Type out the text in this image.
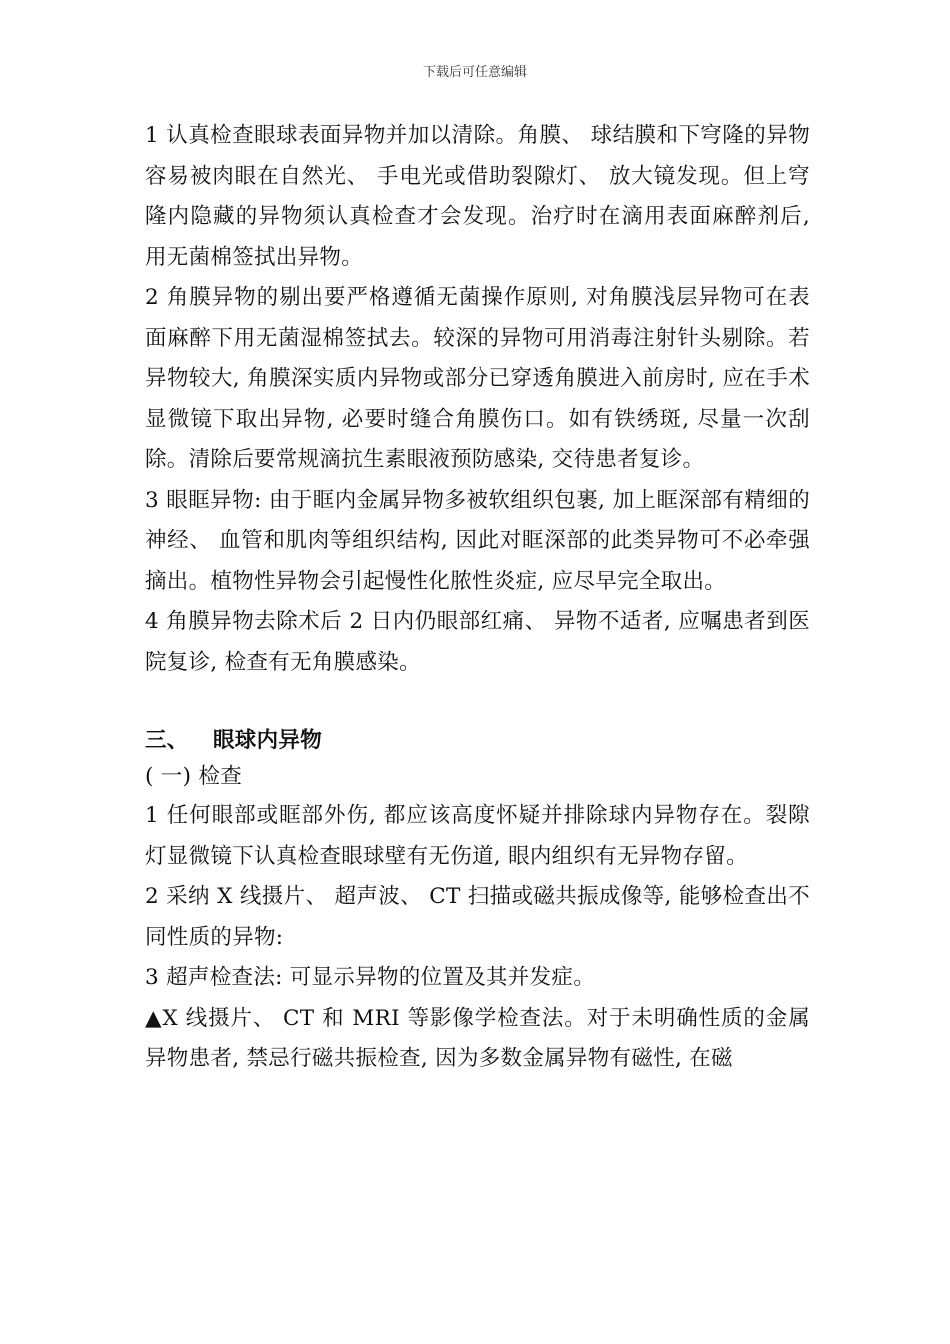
下载后可任意编辑

1 认真检查眼球表面异物并加以清除。角膜、 球结膜和下穹隆的异物容易被肉眼在自然光、 手电光或借助裂隙灯、 放大镜发现。但上穹隆内隐藏的异物须认真检查才会发现。治疗时在滴用表面麻醉剂后, 用无菌棉签拭出异物。

2 角膜异物的剔出要严格遵循无菌操作原则, 对角膜浅层异物可在表面麻醉下用无菌湿棉签拭去。较深的异物可用消毒注射针头剔除。若异物较大, 角膜深实质内异物或部分已穿透角膜进入前房时, 应在手术显微镜下取出异物, 必要时缝合角膜伤口。如有铁绣斑, 尽量一次刮除。清除后要常规滴抗生素眼液预防感染, 交待患者复诊。

3 眼眶异物: 由于眶内金属异物多被软组织包裹, 加上眶深部有精细的神经、 血管和肌肉等组织结构, 因此对眶深部的此类异物可不必牵强摘出。植物性异物会引起慢性化脓性炎症, 应尽早完全取出。

4 角膜异物去除术后 2 日内仍眼部红痛、 异物不适者, 应嘱患者到医院复诊, 检查有无角膜感染。

三、 眼球内异物

( 一) 检查

1 任何眼部或眶部外伤, 都应该高度怀疑并排除球内异物存在。裂隙灯显微镜下认真检查眼球壁有无伤道, 眼内组织有无异物存留。

2 采纳 X 线摄片、 超声波、 CT 扫描或磁共振成像等, 能够检查出不同性质的异物:

3 超声检查法: 可显示异物的位置及其并发症。

▲X 线摄片、 CT 和 MRI 等影像学检查法。对于未明确性质的金属异物患者, 禁忌行磁共振检查, 因为多数金属异物有磁性, 在磁
